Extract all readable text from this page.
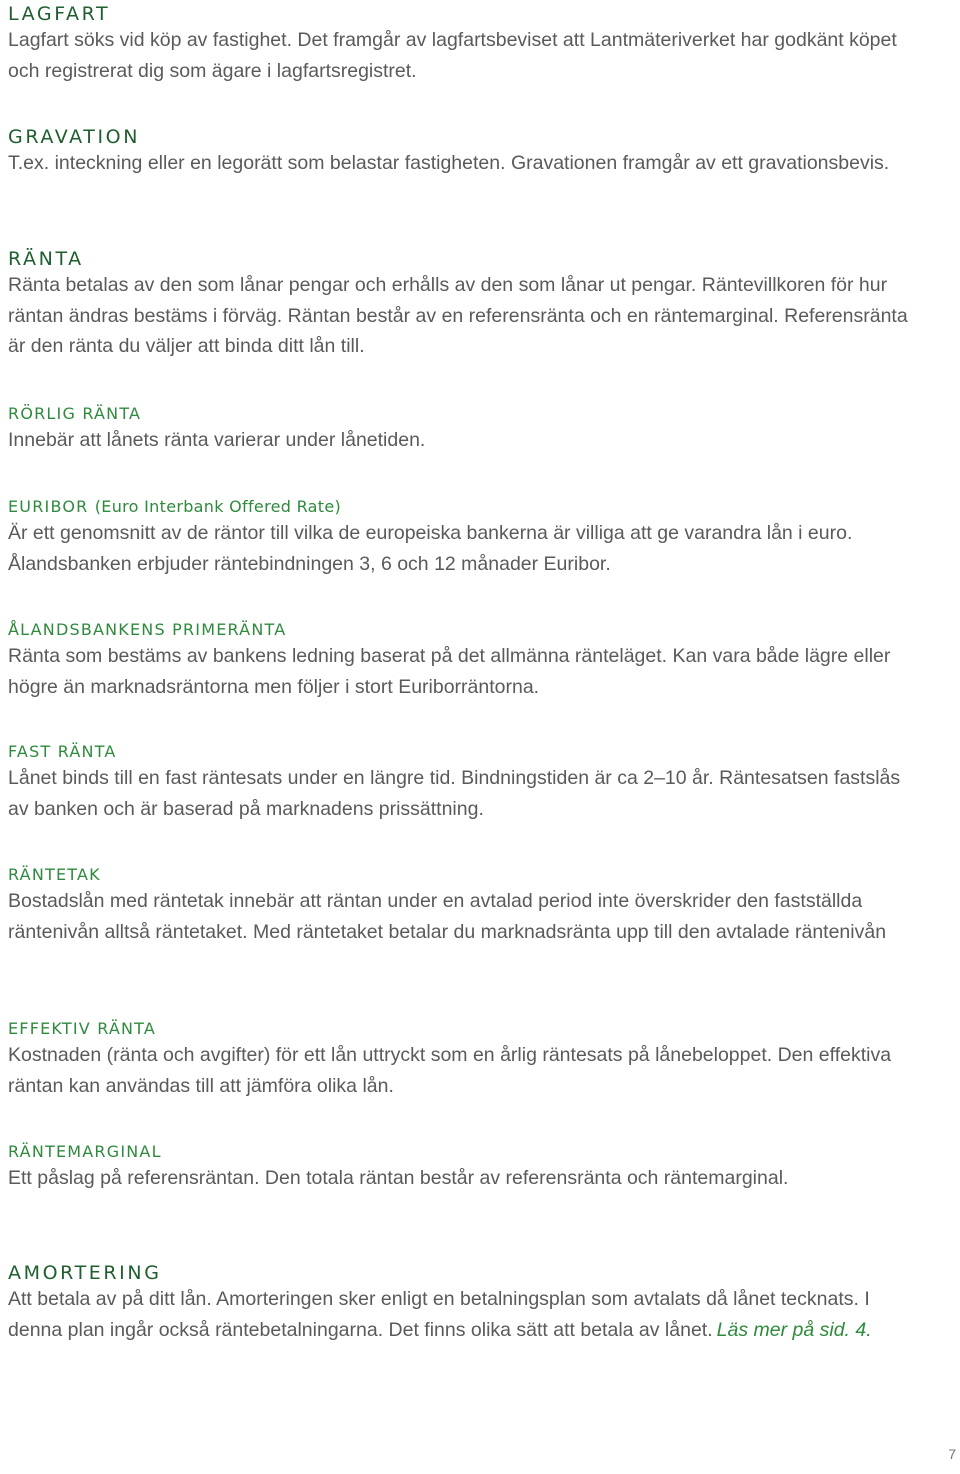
LAGFART

Lagfart söks vid köp av fastighet. Det framgår av lagfartsbeviset att Lantmäteriverket har godkänt köpet och registrerat dig som ägare i lagfartsregistret.

GRAVATION

T.ex. inteckning eller en legorätt som belastar fastigheten. Gravationen framgår av ett gravationsbevis.

RÄNTA

Ränta betalas av den som lånar pengar och erhålls av den som lånar ut pengar. Räntevillkoren för hur räntan ändras bestäms i förväg. Räntan består av en referensränta och en räntemarginal. Referensränta är den ränta du väljer att binda ditt lån till.

RÖRLIG RÄNTA

Innebär att lånets ränta varierar under lånetiden.

EURIBOR (Euro Interbank Offered Rate)

Är ett genomsnitt av de räntor till vilka de europeiska bankerna är villiga att ge varandra lån i euro. Ålandsbanken erbjuder räntebindningen 3, 6 och 12 månader Euribor.

ÅLANDSBANKENS PRIMERÄNTA

Ränta som bestäms av bankens ledning baserat på det allmänna ränteläget. Kan vara både lägre eller högre än marknadsräntorna men följer i stort Euriborräntorna.

FAST RÄNTA

Lånet binds till en fast räntesats under en längre tid. Bindningstiden är ca 2–10 år. Räntesatsen fastslås av banken och är baserad på marknadens prissättning.

RÄNTETAK

Bostadslån med räntetak innebär att räntan under en avtalad period inte överskrider den fastställda räntenivån alltså räntetaket. Med räntetaket betalar du marknadsränta upp till den avtalade räntenivån

EFFEKTIV RÄNTA

Kostnaden (ränta och avgifter) för ett lån uttryckt som en årlig räntesats på lånebeloppet. Den effektiva räntan kan användas till att jämföra olika lån.

RÄNTEMARGINAL

Ett påslag på referensräntan. Den totala räntan består av referensränta och räntemarginal.

AMORTERING

Att betala av på ditt lån. Amorteringen sker enligt en betalningsplan som avtalats då lånet tecknats. I denna plan ingår också räntebetalningarna. Det finns olika sätt att betala av lånet. Läs mer på sid. 4.

7
